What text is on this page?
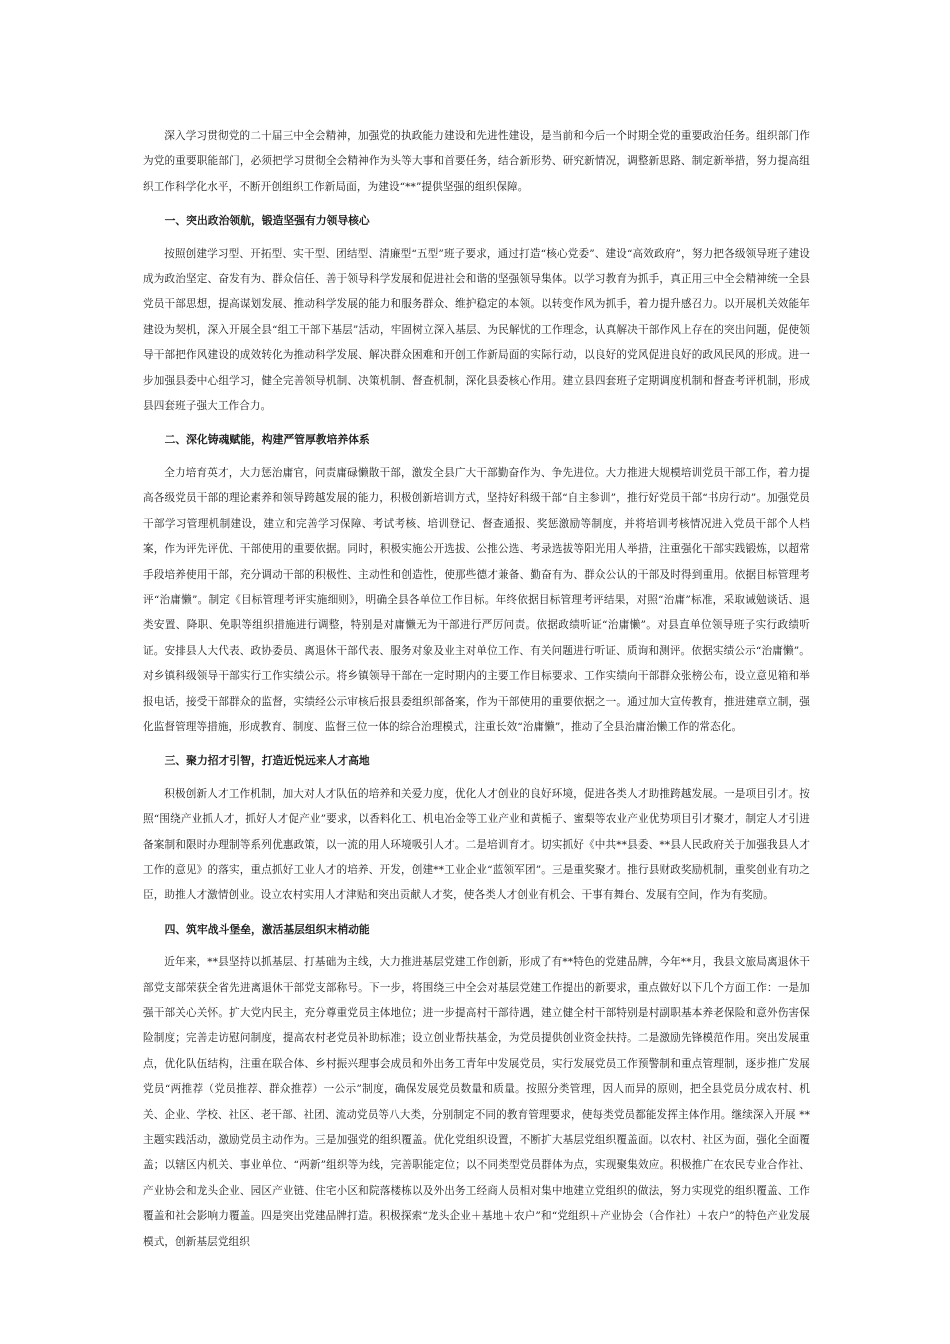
深入学习贯彻党的二十届三中全会精神，加强党的执政能力建设和先进性建设，是当前和今后一个时期全党的重要政治任务。组织部门作为党的重要职能部门，必须把学习贯彻全会精神作为头等大事和首要任务，结合新形势、研究新情况，调整新思路、制定新举措，努力提高组织工作科学化水平，不断开创组织工作新局面，为建设“**”提供坚强的组织保障。

一、突出政治领航，锻造坚强有力领导核心

按照创建学习型、开拓型、实干型、团结型、清廉型“五型”班子要求，通过打造“核心党委”、建设“高效政府”，努力把各级领导班子建设成为政治坚定、奋发有为、群众信任、善于领导科学发展和促进社会和谐的坚强领导集体。以学习教育为抓手，真正用三中全会精神统一全县党员干部思想，提高谋划发展、推动科学发展的能力和服务群众、维护稳定的本领。以转变作风为抓手，着力提升感召力。以开展机关效能年建设为契机，深入开展全县“组工干部下基层”活动，牢固树立深入基层、为民解忧的工作理念，认真解决干部作风上存在的突出问题，促使领导干部把作风建设的成效转化为推动科学发展、解决群众困难和开创工作新局面的实际行动，以良好的党风促进良好的政风民风的形成。进一步加强县委中心组学习，健全完善领导机制、决策机制、督查机制，深化县委核心作用。建立县四套班子定期调度机制和督查考评机制，形成县四套班子强大工作合力。

二、深化铸魂赋能，构建严管厚教培养体系

全力培育英才，大力惩治庸官，问责庸碌懒散干部，激发全县广大干部勤奋作为、争先进位。大力推进大规模培训党员干部工作，着力提高各级党员干部的理论素养和领导跨越发展的能力，积极创新培训方式，坚持好科级干部“自主参训”，推行好党员干部“书房行动”。加强党员干部学习管理机制建设，建立和完善学习保障、考试考核、培训登记、督查通报、奖惩激励等制度，并将培训考核情况进入党员干部个人档案，作为评先评优、干部使用的重要依据。同时，积极实施公开选拔、公推公选、考录选拔等阳光用人举措，注重强化干部实践锻炼，以超常手段培养使用干部，充分调动干部的积极性、主动性和创造性，使那些德才兼备、勤奋有为、群众公认的干部及时得到重用。依据目标管理考评“治庸懒”。制定《目标管理考评实施细则》，明确全县各单位工作目标。年终依据目标管理考评结果，对照“治庸”标准，采取诫勉谈话、退类安置、降职、免职等组织措施进行调整，特别是对庸懒无为干部进行严厉问责。依据政绩听证“治庸懒”。对县直单位领导班子实行政绩听证。安排县人大代表、政协委员、离退休干部代表、服务对象及业主对单位工作、有关问题进行听证、质询和测评。依据实绩公示“治庸懒”。对乡镇科级领导干部实行工作实绩公示。将乡镇领导干部在一定时期内的主要工作目标要求、工作实绩向干部群众张榜公布，设立意见箱和举报电话，接受干部群众的监督，实绩经公示审核后报县委组织部备案，作为干部使用的重要依据之一。通过加大宣传教育，推进建章立制，强化监督管理等措施，形成教育、制度、监督三位一体的综合治理模式，注重长效“治庸懒”，推动了全县治庸治懒工作的常态化。

三、聚力招才引智，打造近悦远来人才高地

积极创新人才工作机制，加大对人才队伍的培养和关爱力度，优化人才创业的良好环境，促进各类人才助推跨越发展。一是项目引才。按照“围绕产业抓人才，抓好人才促产业”要求，以香料化工、机电冶金等工业产业和黄栀子、蜜梨等农业产业优势项目引才聚才，制定人才引进备案制和限时办理制等系列优惠政策，以一流的用人环境吸引人才。二是培训育才。切实抓好《中共**县委、**县人民政府关于加强我县人才工作的意见》的落实，重点抓好工业人才的培养、开发，创建**工业企业“蓝领军团”。三是重奖聚才。推行县财政奖励机制，重奖创业有功之臣，助推人才激情创业。设立农村实用人才津贴和突出贡献人才奖，使各类人才创业有机会、干事有舞台、发展有空间，作为有奖励。

四、筑牢战斗堡垒，激活基层组织末梢动能

近年来，**县坚持以抓基层、打基础为主线，大力推进基层党建工作创新，形成了有**特色的党建品牌，今年**月，我县文旅局离退休干部党支部荣获全省先进离退休干部党支部称号。下一步，将围绕三中全会对基层党建工作提出的新要求，重点做好以下几个方面工作：一是加强干部关心关怀。扩大党内民主，充分尊重党员主体地位；进一步提高村干部待遇，建立健全村干部特别是村副职基本养老保险和意外伤害保险制度；完善走访慰问制度，提高农村老党员补助标准；设立创业帮扶基金，为党员提供创业资金扶持。二是激励先锋模范作用。突出发展重点，优化队伍结构，注重在联合体、乡村振兴理事会成员和外出务工青年中发展党员，实行发展党员工作预警制和重点管理制，逐步推广发展党员“两推荐（党员推荐、群众推荐）一公示”制度，确保发展党员数量和质量。按照分类管理，因人而异的原则，把全县党员分成农村、机关、企业、学校、社区、老干部、社团、流动党员等八大类，分别制定不同的教育管理要求，使每类党员都能发挥主体作用。继续深入开展 **主题实践活动，激励党员主动作为。三是加强党的组织覆盖。优化党组织设置，不断扩大基层党组织覆盖面。以农村、社区为面，强化全面覆盖；以辖区内机关、事业单位、“两新”组织等为线，完善职能定位；以不同类型党员群体为点，实现聚集效应。积极推广在农民专业合作社、产业协会和龙头企业、园区产业链、住宅小区和院落楼栋以及外出务工经商人员相对集中地建立党组织的做法，努力实现党的组织覆盖、工作覆盖和社会影响力覆盖。四是突出党建品牌打造。积极探索“龙头企业＋基地＋农户”和“党组织＋产业协会（合作社）＋农户”的特色产业发展模式，创新基层党组织
